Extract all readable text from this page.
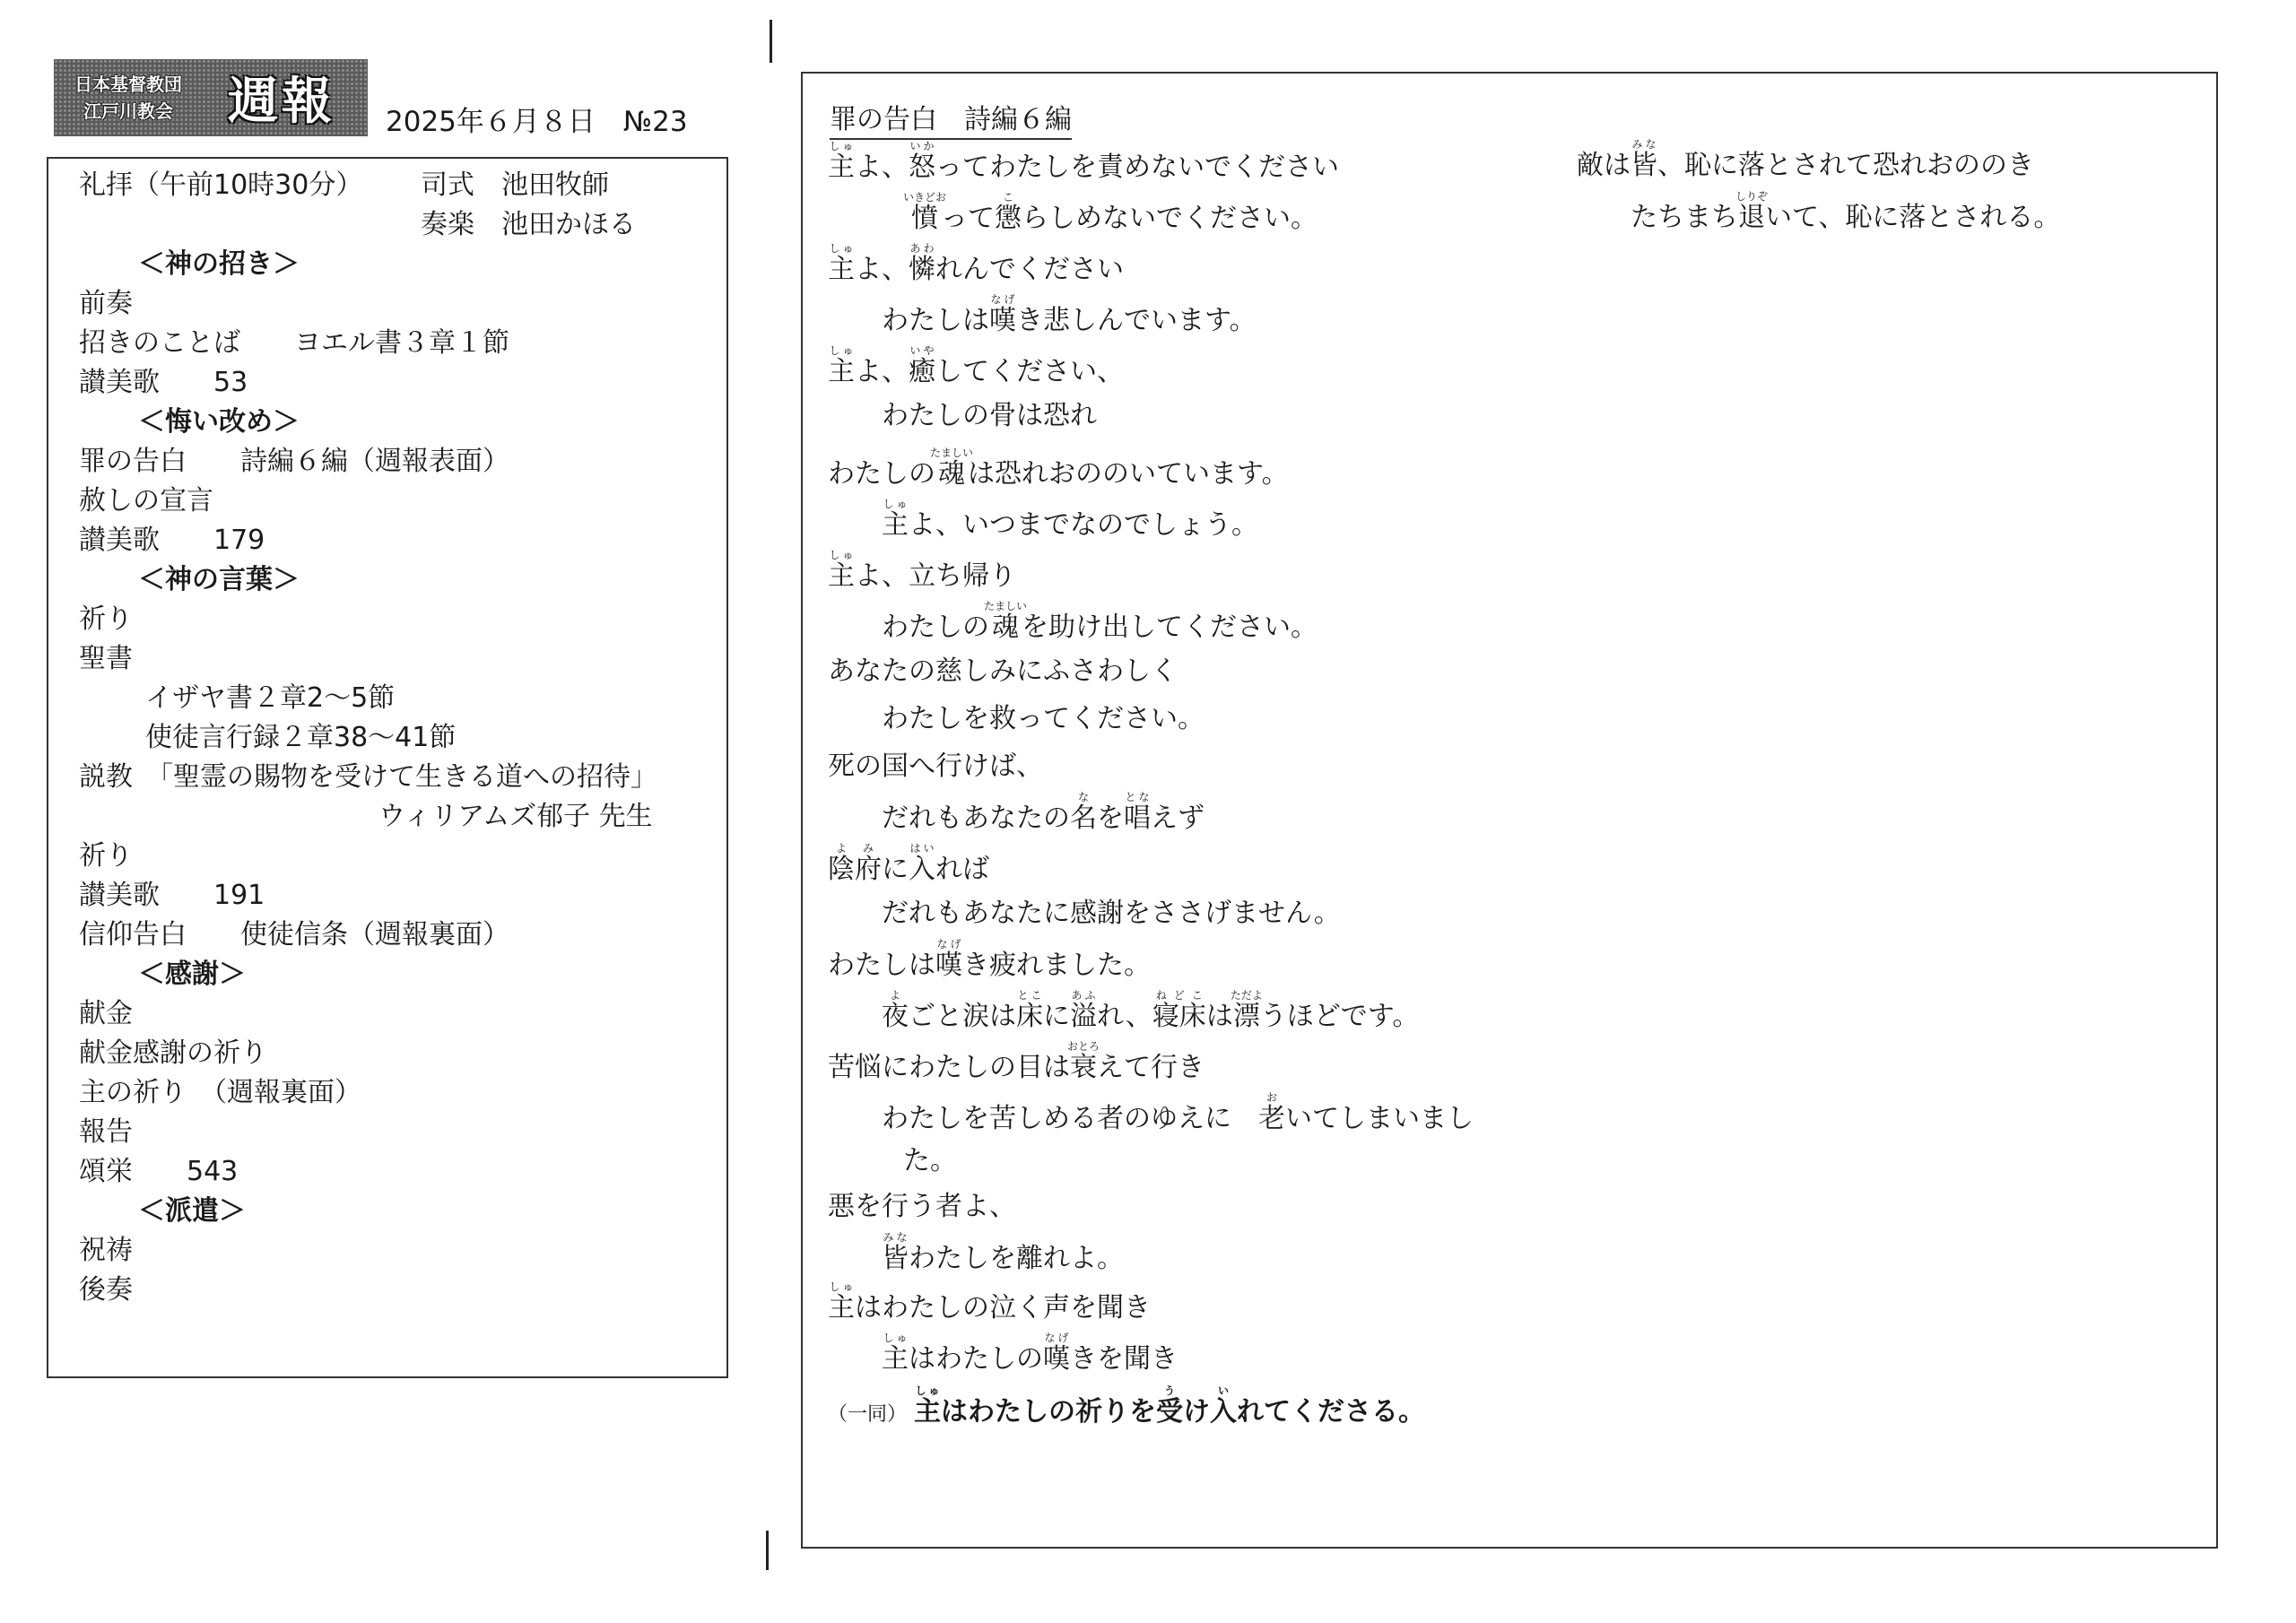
日本基督教団
江戸川教会	週報	2025年６月８日　№23
礼拝（午前10時30分） 司式　池田牧師
奏楽　池田かほる
＜神の招き＞
前奏
招きのことば　　ヨエル書３章１節
讃美歌　　53
＜悔い改め＞
罪の告白　　詩編６編（週報表面）
赦しの宣言
讃美歌　　179
＜神の言葉＞
祈り
聖書
イザヤ書２章2〜5節
使徒言行録２章38〜41節
説教　「聖霊の賜物を受けて生きる道への招待」
ウィリアムズ郁子 先生
祈り
讃美歌　　191
信仰告白　　使徒信条（週報裏面）
＜感謝＞
献金
献金感謝の祈り
主の祈り　（週報裏面）
報告
頌栄　　543
＜派遣＞
祝祷
後奏
罪の告白　詩編６編
主しゅよ、怒いかってわたしを責めないでください
憤いきどおって懲こらしめないでください。
主しゅよ、憐あわれんでください
わたしは嘆なげき悲しんでいます。
主しゅよ、癒いやしてください、
わたしの骨は恐れ
わたしの魂たましいは恐れおののいています。
主しゅよ、いつまでなのでしょう。
主しゅよ、立ち帰り
わたしの魂たましいを助け出してください。
あなたの慈しみにふさわしく
わたしを救ってください。
死の国へ行けば、
だれもあなたの名なを唱となえず
陰よ府みに入はいれば
だれもあなたに感謝をささげません。
わたしは嘆なげき疲れました。
夜よごと涙は床とこに溢あふれ、寝床ねどこは漂ただようほどです。
苦悩にわたしの目は衰おとろえて行き
わたしを苦しめる者のゆえに　老おいてしまいまし
た。
悪を行う者よ、
皆みなわたしを離れよ。
主しゅはわたしの泣く声を聞き
主しゅはわたしの嘆なげきを聞き
（一同） 主しゅはわたしの祈りを受うけ入いれてくださる。
敵は皆みな、恥に落とされて恐れおののき
たちまち退しりぞいて、恥に落とされる。
